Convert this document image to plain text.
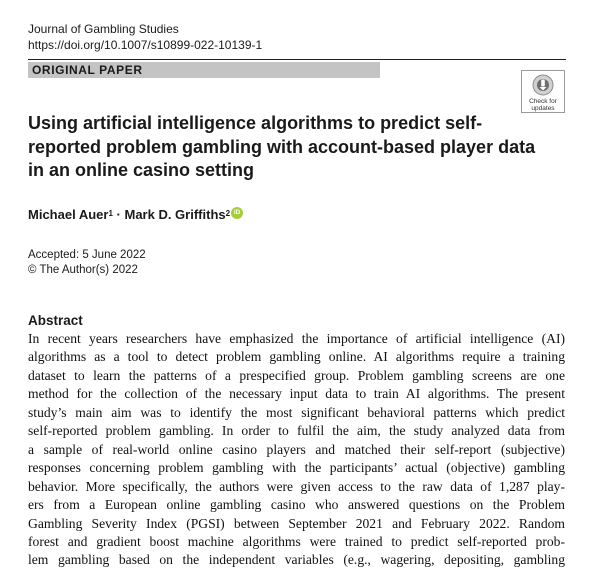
Journal of Gambling Studies
https://doi.org/10.1007/s10899-022-10139-1
ORIGINAL PAPER
Check for
updates
Using artificial intelligence algorithms to predict self-reported problem gambling with account-based player data in an online casino setting
Michael Auer$^1$ · Mark D. Griffiths$^2$ iD
Accepted: 5 June 2022
© The Author(s) 2022
Abstract
In recent years researchers have emphasized the importance of artificial intelligence (AI)
algorithms as a tool to detect problem gambling online. AI algorithms require a training
dataset to learn the patterns of a prespecified group. Problem gambling screens are one
method for the collection of the necessary input data to train AI algorithms. The present
study’s main aim was to identify the most significant behavioral patterns which predict
self-reported problem gambling. In order to fulfil the aim, the study analyzed data from
a sample of real-world online casino players and matched their self-report (subjective)
responses concerning problem gambling with the participants’ actual (objective) gambling
behavior. More specifically, the authors were given access to the raw data of 1,287 play-
ers from a European online gambling casino who answered questions on the Problem
Gambling Severity Index (PGSI) between September 2021 and February 2022. Random
forest and gradient boost machine algorithms were trained to predict self-reported prob-
lem gambling based on the independent variables (e.g., wagering, depositing, gambling
